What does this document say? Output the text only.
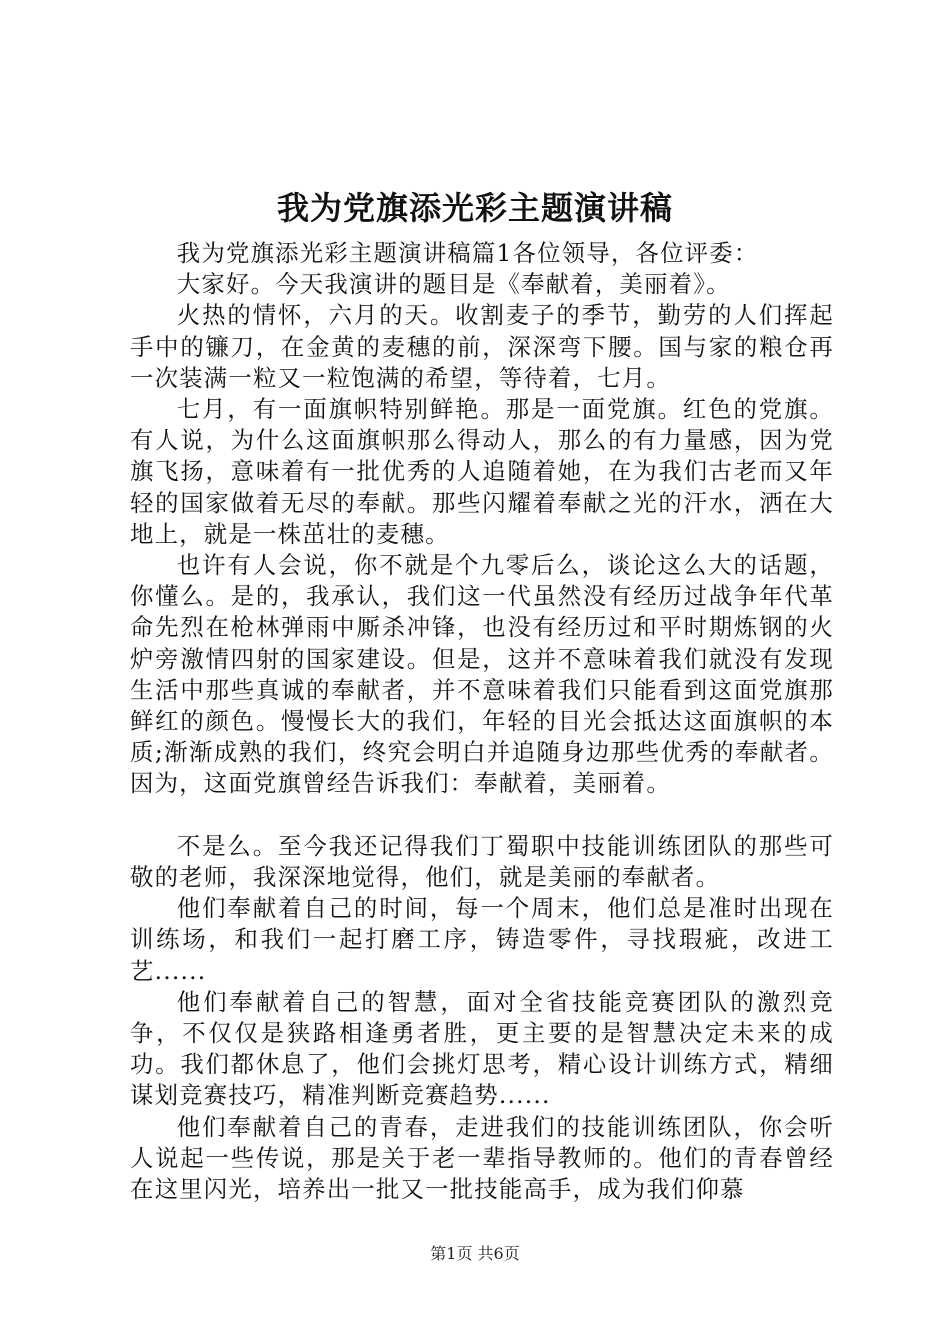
我为党旗添光彩主题演讲稿

我为党旗添光彩主题演讲稿篇1各位领导，各位评委：

大家好。今天我演讲的题目是《奉献着，美丽着》。

火热的情怀，六月的天。收割麦子的季节，勤劳的人们挥起手中的镰刀，在金黄的麦穗的前，深深弯下腰。国与家的粮仓再一次装满一粒又一粒饱满的希望，等待着，七月。

七月，有一面旗帜特别鲜艳。那是一面党旗。红色的党旗。有人说，为什么这面旗帜那么得动人，那么的有力量感，因为党旗飞扬，意味着有一批优秀的人追随着她，在为我们古老而又年轻的国家做着无尽的奉献。那些闪耀着奉献之光的汗水，洒在大地上，就是一株茁壮的麦穗。

也许有人会说，你不就是个九零后么，谈论这么大的话题，你懂么。是的，我承认，我们这一代虽然没有经历过战争年代革命先烈在枪林弹雨中厮杀冲锋，也没有经历过和平时期炼钢的火炉旁激情四射的国家建设。但是，这并不意味着我们就没有发现生活中那些真诚的奉献者，并不意味着我们只能看到这面党旗那鲜红的颜色。慢慢长大的我们，年轻的目光会抵达这面旗帜的本质;渐渐成熟的我们，终究会明白并追随身边那些优秀的奉献者。因为，这面党旗曾经告诉我们：奉献着，美丽着。

不是么。至今我还记得我们丁蜀职中技能训练团队的那些可敬的老师，我深深地觉得，他们，就是美丽的奉献者。

他们奉献着自己的时间，每一个周末，他们总是准时出现在训练场，和我们一起打磨工序，铸造零件，寻找瑕疵，改进工艺......

他们奉献着自己的智慧，面对全省技能竞赛团队的激烈竞争，不仅仅是狭路相逢勇者胜，更主要的是智慧决定未来的成功。我们都休息了，他们会挑灯思考，精心设计训练方式，精细谋划竞赛技巧，精准判断竞赛趋势......

他们奉献着自己的青春，走进我们的技能训练团队，你会听人说起一些传说，那是关于老一辈指导教师的。他们的青春曾经在这里闪光，培养出一批又一批技能高手，成为我们仰慕

第1页 共6页
